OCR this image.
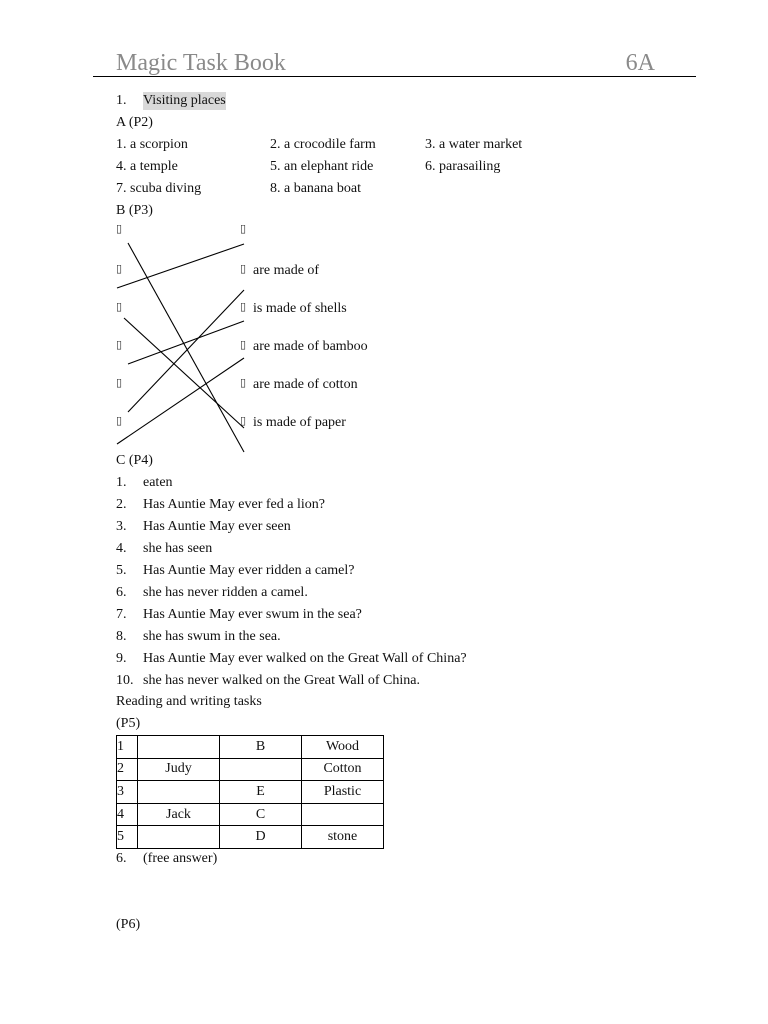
Magic Task Book	6A
1. Visiting places
A (P2)
1. a scorpion	2. a crocodile farm	3. a water market
4. a temple	5. an elephant ride	6. parasailing
7. scuba diving	8. a banana boat
B (P3)
▯
▯
▯
▯
▯
▯
▯
▯
▯
▯
▯
▯
are made of
is made of shells
are made of bamboo
are made of cotton
is made of paper
C (P4)
1. eaten
2. Has Auntie May ever fed a lion?
3. Has Auntie May ever seen
4. she has seen
5. Has Auntie May ever ridden a camel?
6. she has never ridden a camel.
7. Has Auntie May ever swum in the sea?
8. she has swum in the sea.
9. Has Auntie May ever walked on the Great Wall of China?
10. she has never walked on the Great Wall of China.
Reading and writing tasks
(P5)
1		B	Wood
2	Judy		Cotton
3		E	Plastic
4	Jack	C	
5		D	stone
6. (free answer)
(P6)
